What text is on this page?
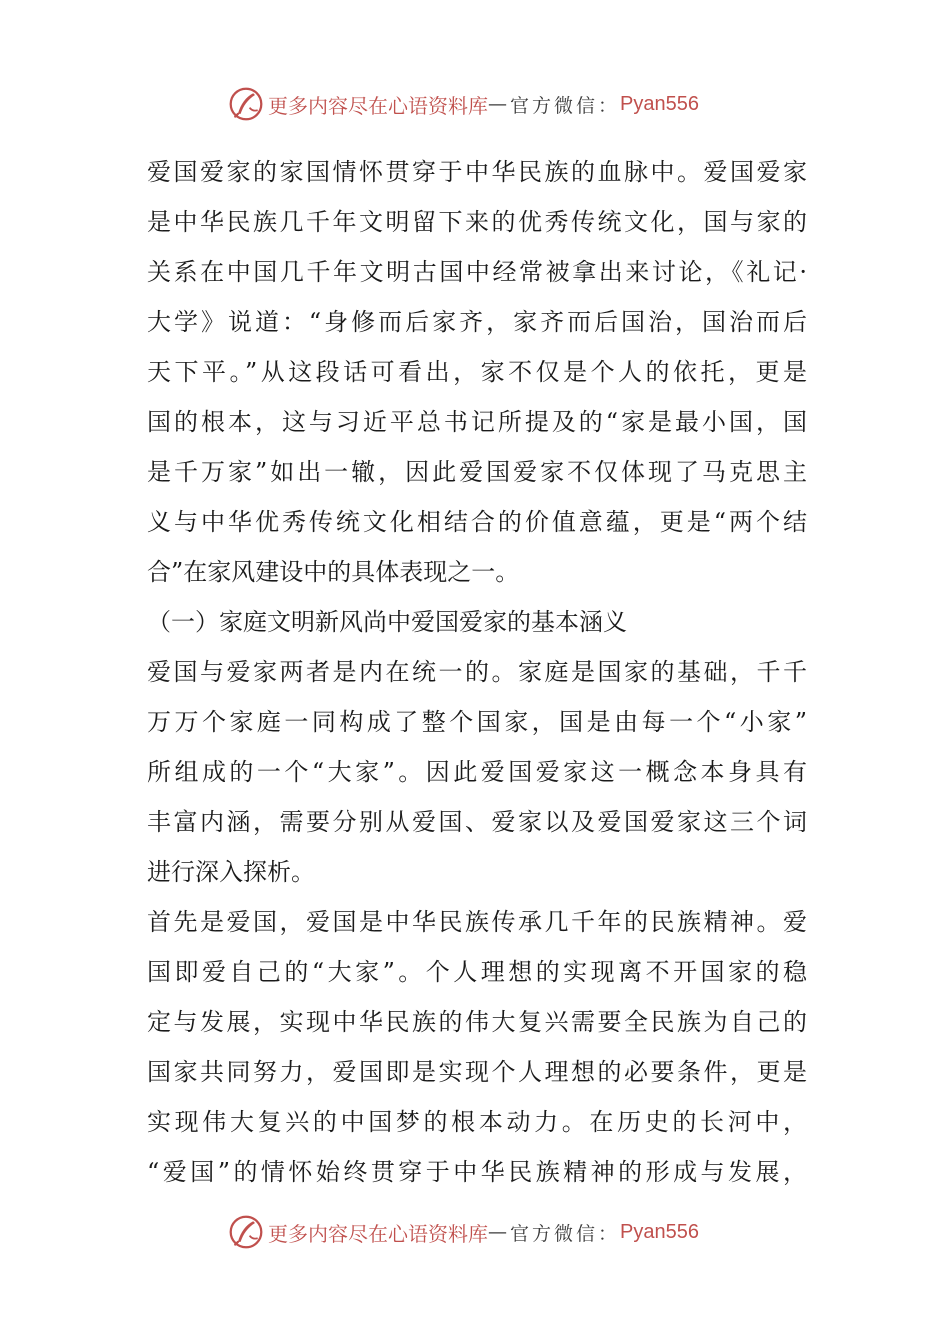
更多内容尽在心语资料库 — 官方微信： Pyan556
爱国爱家的家国情怀贯穿于中华民族的血脉中。爱国爱家
是中华民族几千年文明留下来的优秀传统文化，国与家的
关系在中国几千年文明古国中经常被拿出来讨论，《礼记·
大学》说道：“身修而后家齐，家齐而后国治，国治而后
天下平。”从这段话可看出，家不仅是个人的依托，更是
国的根本，这与习近平总书记所提及的“家是最小国，国
是千万家”如出一辙，因此爱国爱家不仅体现了马克思主
义与中华优秀传统文化相结合的价值意蕴，更是“两个结
合”在家风建设中的具体表现之一。
（一）家庭文明新风尚中爱国爱家的基本涵义
爱国与爱家两者是内在统一的。家庭是国家的基础，千千
万万个家庭一同构成了整个国家，国是由每一个“小家”
所组成的一个“大家”。因此爱国爱家这一概念本身具有
丰富内涵，需要分别从爱国、爱家以及爱国爱家这三个词
进行深入探析。
首先是爱国，爱国是中华民族传承几千年的民族精神。爱
国即爱自己的“大家”。个人理想的实现离不开国家的稳
定与发展，实现中华民族的伟大复兴需要全民族为自己的
国家共同努力，爱国即是实现个人理想的必要条件，更是
实现伟大复兴的中国梦的根本动力。在历史的长河中，
“爱国”的情怀始终贯穿于中华民族精神的形成与发展，
更多内容尽在心语资料库 — 官方微信： Pyan556
